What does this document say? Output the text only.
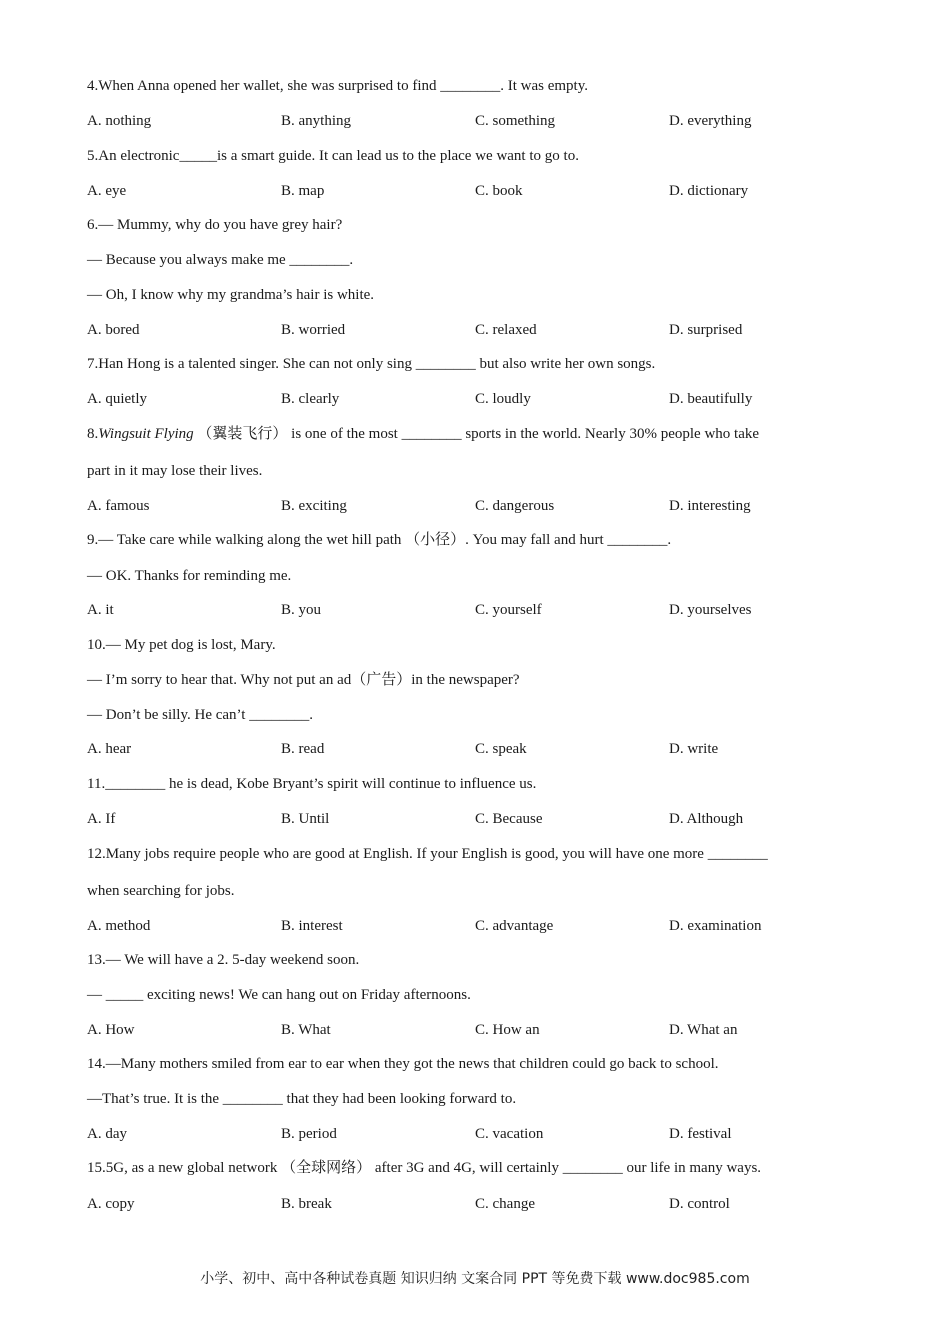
4.When Anna opened her wallet, she was surprised to find ________. It was empty.
A. nothing	B. anything	C. something	D. everything
5.An electronic_____is a smart guide. It can lead us to the place we want to go to.
A. eye	B. map	C. book	D. dictionary
6.— Mummy, why do you have grey hair?
— Because you always make me ________.
— Oh, I know why my grandma’s hair is white.
A. bored	B. worried	C. relaxed	D. surprised
7.Han Hong is a talented singer. She can not only sing ________ but also write her own songs.
A. quietly	B. clearly	C. loudly	D. beautifully
8.Wingsuit Flying （翼装飞行） is one of the most ________ sports in the world. Nearly 30% people who take
part in it may lose their lives.
A. famous	B. exciting	C. dangerous	D. interesting
9.— Take care while walking along the wet hill path （小径）. You may fall and hurt ________.
— OK. Thanks for reminding me.
A. it	B. you	C. yourself	D. yourselves
10.— My pet dog is lost, Mary.
— I’m sorry to hear that. Why not put an ad（广告）in the newspaper?
— Don’t be silly. He can’t ________.
A. hear	B. read	C. speak	D. write
11.________ he is dead, Kobe Bryant’s spirit will continue to influence us.
A. If	B. Until	C. Because	D. Although
12.Many jobs require people who are good at English. If your English is good, you will have one more ________
when searching for jobs.
A. method	B. interest	C. advantage	D. examination
13.— We will have a 2. 5-day weekend soon.
— _____ exciting news! We can hang out on Friday afternoons.
A. How	B. What	C. How an	D. What an
14.—Many mothers smiled from ear to ear when they got the news that children could go back to school.
—That’s true. It is the ________ that they had been looking forward to.
A. day	B. period	C. vacation	D. festival
15.5G, as a new global network （全球网络） after 3G and 4G, will certainly ________ our life in many ways.
A. copy	B. break	C. change	D. control
小学、初中、高中各种试卷真题 知识归纳 文案合同 PPT 等免费下载 www.doc985.com
